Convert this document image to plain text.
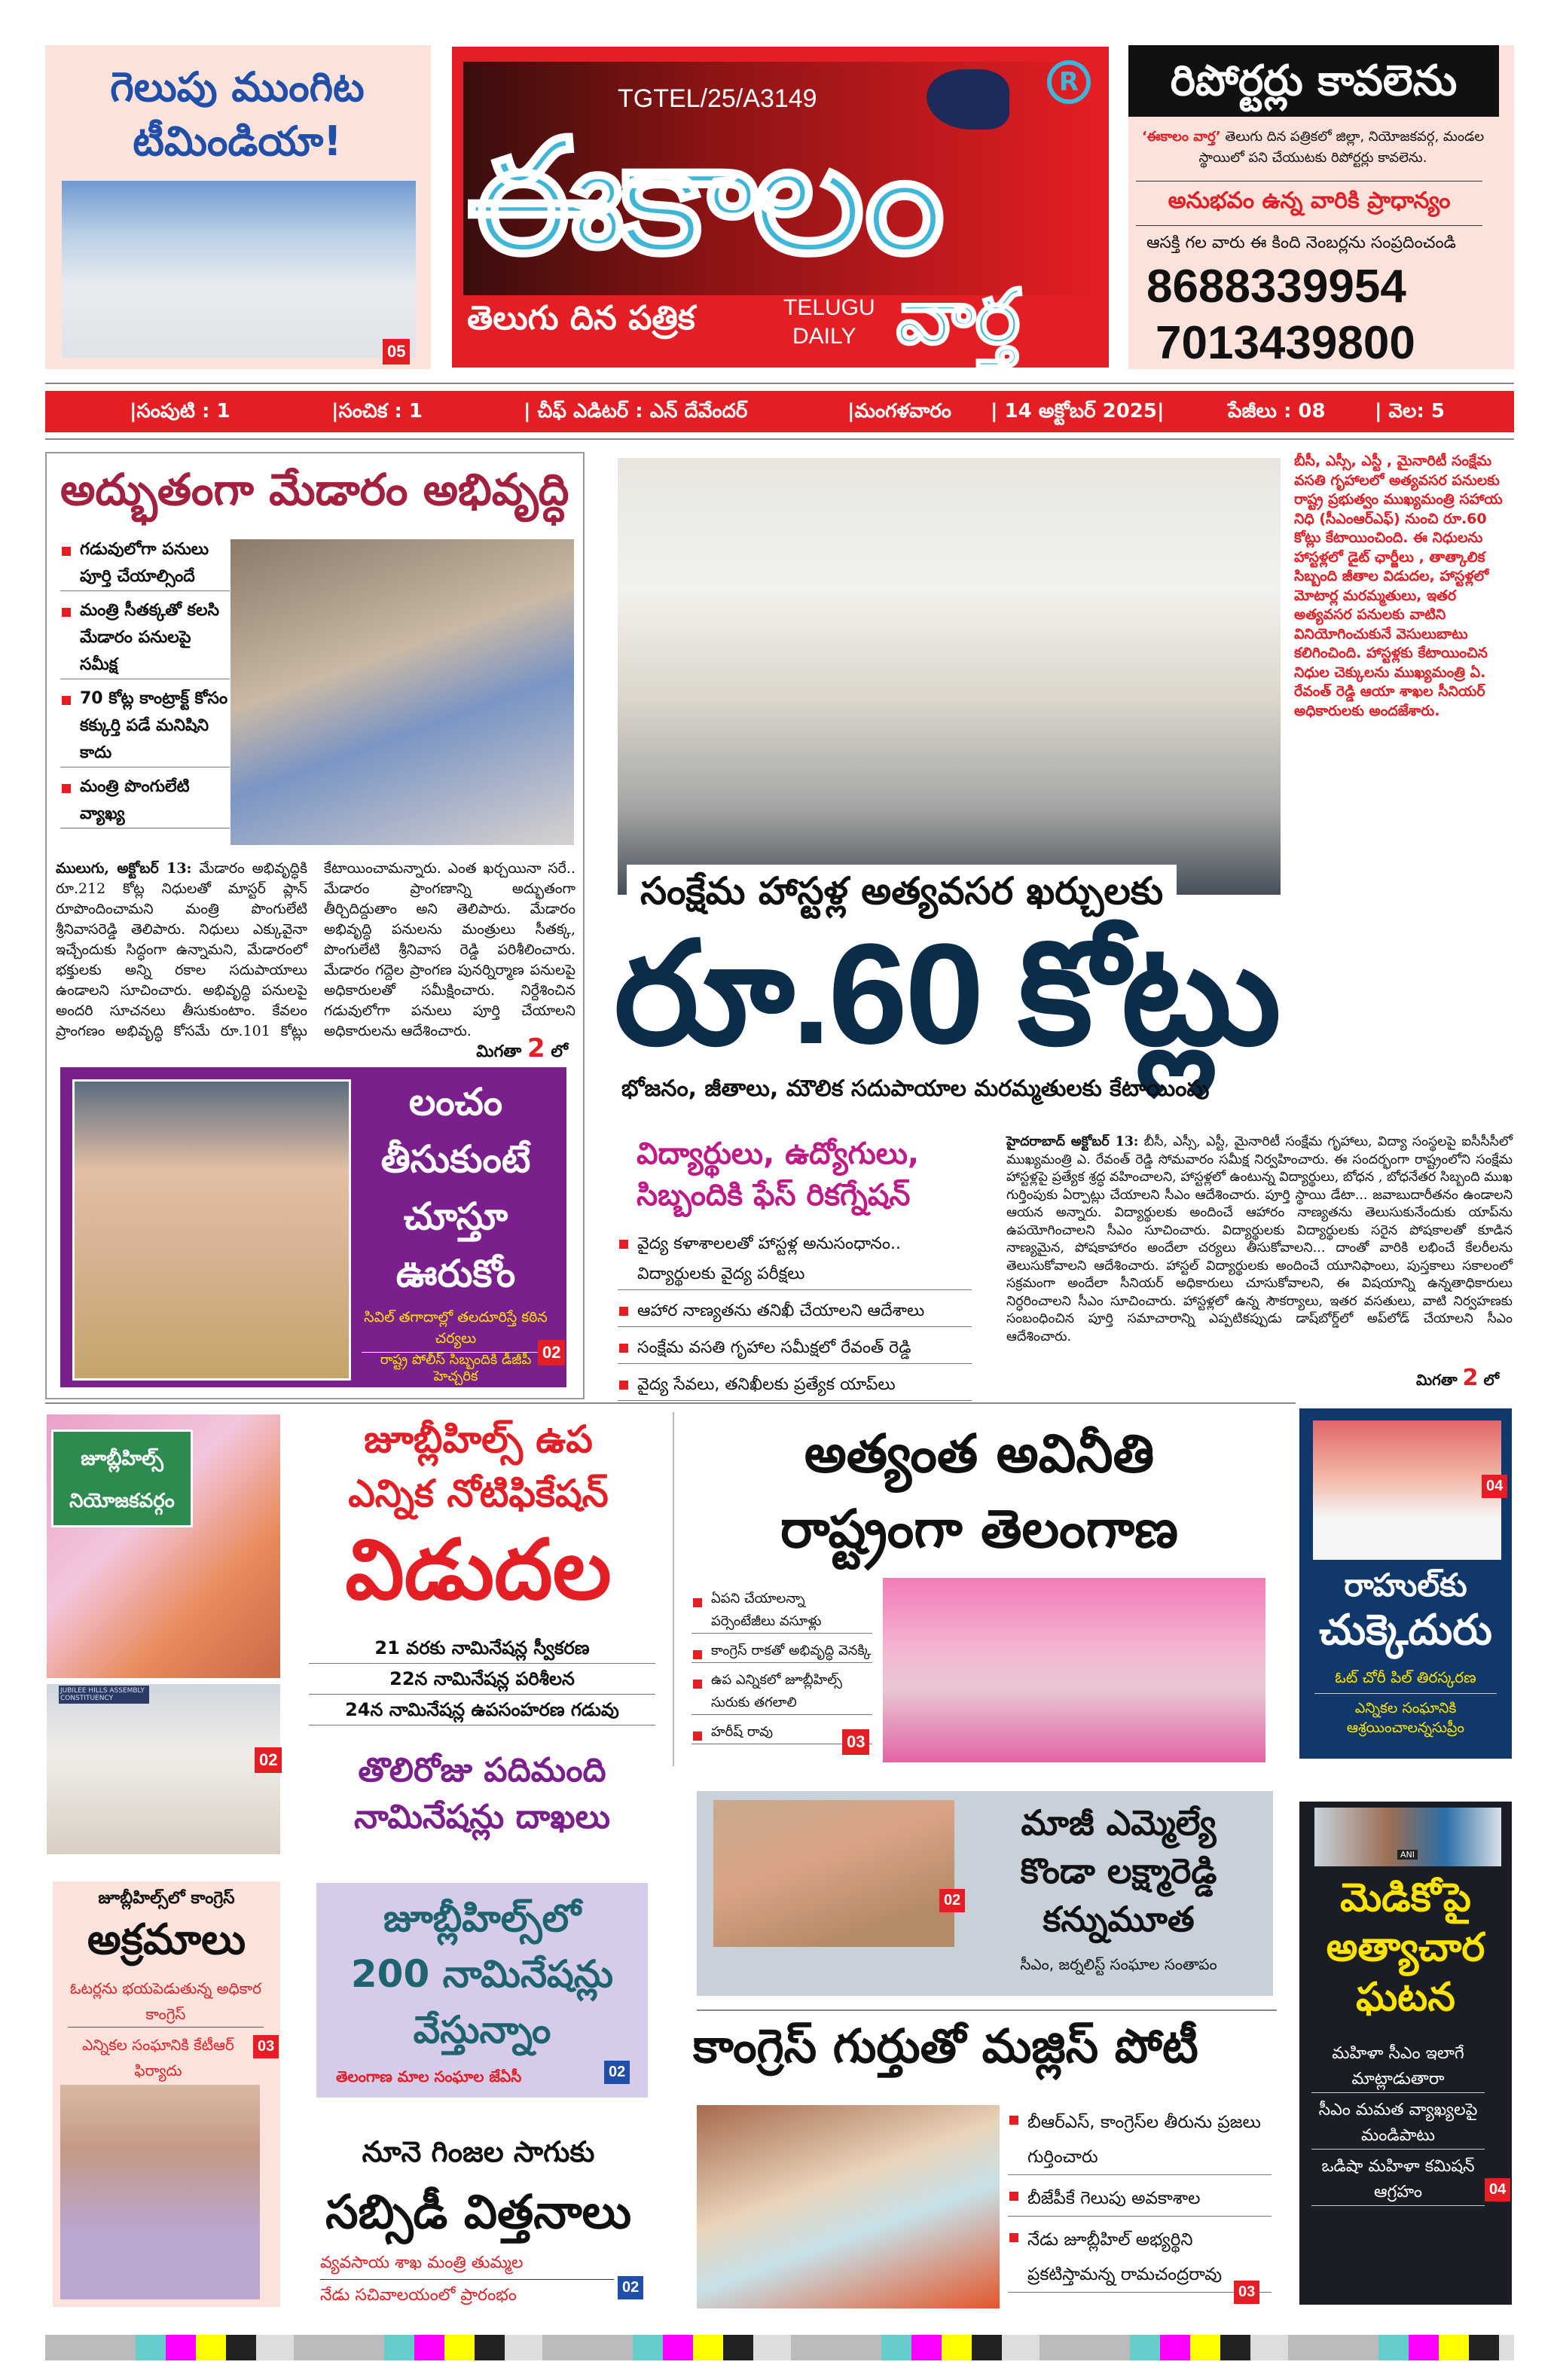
గెలుపు ముంగిట టీమిండియా!
05
TGTEL/25/A3149
ఈకాలం
R
తెలుగు దిన పత్రిక	TELUGU
DAILY వార్త
రిపోర్టర్లు కావలెను
‘ఈకాలం వార్త’ తెలుగు దిన పత్రికలో జిల్లా, నియోజకవర్గ, మండల స్థాయిలో పని చేయుటకు రిపోర్టర్లు కావలెను.
అనుభవం ఉన్న వారికి ప్రాధాన్యం
ఆసక్తి గల వారు ఈ కింది నెంబర్లను సంప్రదించండి
8688339954
7013439800
|సంపుటి : 1	|సంచిక : 1	| చీఫ్ ఎడిటర్ : ఎన్ దేవేందర్	|మంగళవారం | 14 అక్టోబర్ 2025|	పేజీలు : 08	| వెల: 5
అద్భుతంగా మేడారం అభివృద్ధి
గడువులోగా పనులు పూర్తి చేయాల్సిందే
మంత్రి సీతక్కతో కలసి మేడారం పనులపై సమీక్ష
70 కోట్ల కాంట్రాక్ట్ కోసం కక్కుర్తి పడే మనిషిని కాదు
మంత్రి పొంగులేటి వ్యాఖ్య
ములుగు, అక్టోబర్ 13: మేడారం అభివృద్ధికి రూ.212 కోట్ల నిధులతో మాస్టర్ ప్లాన్ రూపొందించామని మంత్రి పొంగులేటి శ్రీనివాసరెడ్డి తెలిపారు. నిధులు ఎక్కువైనా ఇచ్చేందుకు సిద్ధంగా ఉన్నామని, మేడారంలో భక్తులకు అన్ని రకాల సదుపాయాలు ఉండాలని సూచించారు. అభివృద్ధి పనులపై అందరి సూచనలు తీసుకుంటాం. కేవలం ప్రాంగణం అభివృద్ధి కోసమే రూ.101 కోట్లు కేటాయించామన్నారు. ఎంత ఖర్చయినా సరే.. మేడారం ప్రాంగణాన్ని అద్భుతంగా తీర్చిదిద్దుతాం అని తెలిపారు. మేడారం అభివృద్ధి పనులను మంత్రులు సీతక్క, పొంగులేటి శ్రీనివాస రెడ్డి పరిశీలించారు. మేడారం గద్దెల ప్రాంగణ పునర్నిర్మాణ పనులపై అధికారులతో సమీక్షించారు. నిర్దేశించిన గడువులోగా పనులు పూర్తి చేయాలని అధికారులను ఆదేశించారు.
మిగతా 2 లో
లంచం
తీసుకుంటే
చూస్తూ
ఊరుకోం
సివిల్ తగాదాల్లో తలదూరిస్తే కఠిన చర్యలు
రాష్ట్ర పోలీస్ సిబ్బందికి డీజీపీ హెచ్చరిక
02
బీసీ, ఎస్సీ, ఎస్టీ , మైనారిటీ సంక్షేమ వసతి గృహాలలో అత్యవసర పనులకు రాష్ట్ర ప్రభుత్వం ముఖ్యమంత్రి సహాయ నిధి (సీఎంఆర్ఎఫ్) నుంచి రూ.60 కోట్లు కేటాయించింది. ఈ నిధులను హాస్టళ్లలో డైట్ ఛార్జీలు , తాత్కాలిక సిబ్బంది జీతాల విడుదల, హాస్టళ్లలో మోటార్ల మరమ్మతులు, ఇతర అత్యవసర పనులకు వాటిని వినియోగించుకునే వెసులుబాటు కలిగించింది. హాస్టళ్లకు కేటాయించిన నిధుల చెక్కులను ముఖ్యమంత్రి ఏ. రేవంత్ రెడ్డి ఆయా శాఖల సీనియర్ అధికారులకు అందజేశారు.
సంక్షేమ హాస్టళ్ల అత్యవసర ఖర్చులకు
రూ.60 కోట్లు
భోజనం, జీతాలు, మౌలిక సదుపాయాల మరమ్మతులకు కేటాయింపు
విద్యార్థులు, ఉద్యోగులు, సిబ్బందికి ఫేస్ రికగ్నేషన్
వైద్య కళాశాలలతో హాస్టళ్ల అనుసంధానం.. విద్యార్థులకు వైద్య పరీక్షలు
ఆహార నాణ్యతను తనిఖీ చేయాలని ఆదేశాలు
సంక్షేమ వసతి గృహాల సమీక్షలో రేవంత్ రెడ్డి
వైద్య సేవలు, తనిఖీలకు ప్రత్యేక యాప్‌లు
హైదరాబాద్ అక్టోబర్ 13: బీసీ, ఎస్సీ, ఎస్టీ, మైనారిటీ సంక్షేమ గృహాలు, విద్యా సంస్థలపై ఐసీసీసీలో ముఖ్యమంత్రి ఎ. రేవంత్ రెడ్డి సోమవారం సమీక్ష నిర్వహించారు. ఈ సందర్భంగా రాష్ట్రంలోని సంక్షేమ హాస్టళ్లపై ప్రత్యేక శ్రద్ధ వహించాలని, హాస్టళ్లలో ఉంటున్న విద్యార్థులు, బోధన , బోధనేతర సిబ్బంది ముఖ గుర్తింపుకు ఏర్పాట్లు చేయాలని సీఎం ఆదేశించారు. పూర్తి స్థాయి డేటా... జవాబుదారీతనం ఉండాలని ఆయన అన్నారు. విద్యార్థులకు అందించే ఆహారం నాణ్యతను తెలుసుకునేందుకు యాప్‌ను ఉపయోగించాలని సీఎం సూచించారు. విద్యార్థులకు విద్యార్థులకు సరైన పోషకాలతో కూడిన నాణ్యమైన, పోషకాహారం అందేలా చర్యలు తీసుకోవాలని... దాంతో వారికి లభించే కేలరీలను తెలుసుకోవాలని ఆదేశించారు. హాస్టల్ విద్యార్థులకు అందించే యూనిఫాంలు, పుస్తకాలు సకాలంలో సక్రమంగా అందేలా సీనియర్ అధికారులు చూసుకోవాలని, ఈ విషయాన్ని ఉన్నతాధికారులు నిర్ధరించాలని సీఎం సూచించారు. హాస్టళ్లలో ఉన్న సౌకర్యాలు, ఇతర వసతులు, వాటి నిర్వహణకు సంబంధించిన పూర్తి సమాచారాన్ని ఎప్పటికప్పుడు డాష్‌బోర్డ్‌లో అప్‌లోడ్ చేయాలని సీఎం ఆదేశించారు.
మిగతా 2 లో
జూబ్లీహిల్స్
నియోజకవర్గం
JUBILEE HILLS ASSEMBLY CONSTITUENCY
02
జూబ్లీహిల్స్ ఉప
ఎన్నిక నోటిఫికేషన్
విడుదల
21 వరకు నామినేషన్ల స్వీకరణ
22న నామినేషన్ల పరిశీలన
24న నామినేషన్ల ఉపసంహరణ గడువు
తొలిరోజు పదిమంది నామినేషన్లు దాఖలు
అత్యంత అవినీతి
రాష్ట్రంగా తెలంగాణ
ఏపని చేయాలన్నా పర్సెంటేజీలు వసూళ్లు
కాంగ్రెస్ రాకతో అభివృద్ధి వెనక్కి
ఉప ఎన్నికలో జూబ్లీహిల్స్ సురుకు తగలాలి
హరీష్ రావు
03
04
రాహుల్‌కు
చుక్కెదురు
ఓట్ చోరీ పిల్ తిరస్కరణ
ఎన్నికల సంఘానికి ఆశ్రయించాలన్నసుప్రీం
జూబ్లీహిల్స్‌లో కాంగ్రెస్
అక్రమాలు
ఓటర్లను భయపెడుతున్న అధికార కాంగ్రెస్
ఎన్నికల సంఘానికి కేటీఆర్ ఫిర్యాదు
03
జూబ్లీహిల్స్‌లో
200 నామినేషన్లు
వేస్తున్నాం
తెలంగాణ మాల సంఘాల జేఏసీ	02
నూనె గింజల సాగుకు
సబ్సిడీ విత్తనాలు
వ్యవసాయ శాఖ మంత్రి తుమ్మల
నేడు సచివాలయంలో ప్రారంభం	02
02
మాజీ ఎమ్మెల్యే
కొండా లక్ష్మారెడ్డి
కన్నుమూత
సీఎం, జర్నలిస్ట్ సంఘాల సంతాపం
కాంగ్రెస్ గుర్తుతో మజ్లిస్ పోటీ
బీఆర్ఎస్, కాంగ్రెస్‌ల తీరును ప్రజలు గుర్తించారు
బీజేపీకే గెలుపు అవకాశాల
నేడు జూబ్లీహిల్ అభ్యర్థిని ప్రకటిస్తామన్న రామచంద్రరావు
03
ANI
మెడికోపై
అత్యాచార
ఘటన
మహిళా సీఎం ఇలాగే మాట్లాడుతారా
సీఎం మమత వ్యాఖ్యలపై మండిపాటు
ఒడిషా మహిళా కమిషన్ ఆగ్రహం	04
